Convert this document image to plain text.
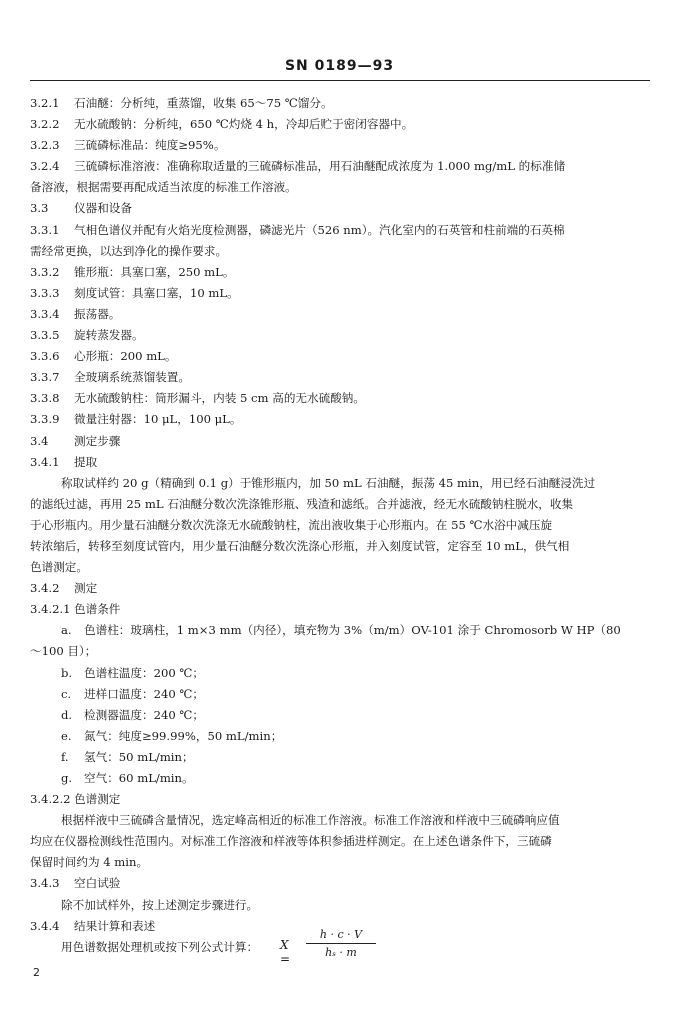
SN 0189—93
3.2.1 石油醚：分析纯，重蒸馏，收集 65～75 ℃馏分。
3.2.2 无水硫酸钠：分析纯，650 ℃灼烧 4 h，冷却后贮于密闭容器中。
3.2.3 三硫磷标准品：纯度≥95%。
3.2.4 三硫磷标准溶液：准确称取适量的三硫磷标准品，用石油醚配成浓度为 1.000 mg/mL 的标准储
备溶液，根据需要再配成适当浓度的标准工作溶液。
3.3 仪器和设备
3.3.1 气相色谱仪并配有火焰光度检测器，磷滤光片（526 nm）。汽化室内的石英管和柱前端的石英棉
需经常更换，以达到净化的操作要求。
3.3.2 锥形瓶：具塞口塞，250 mL。
3.3.3 刻度试管：具塞口塞，10 mL。
3.3.4 振荡器。
3.3.5 旋转蒸发器。
3.3.6 心形瓶：200 mL。
3.3.7 全玻璃系统蒸馏装置。
3.3.8 无水硫酸钠柱：筒形漏斗，内装 5 cm 高的无水硫酸钠。
3.3.9 微量注射器：10 μL，100 μL。
3.4 测定步骤
3.4.1 提取
称取试样约 20 g（精确到 0.1 g）于锥形瓶内，加 50 mL 石油醚，振荡 45 min，用已经石油醚浸洗过
的滤纸过滤，再用 25 mL 石油醚分数次洗涤锥形瓶、残渣和滤纸。合并滤液，经无水硫酸钠柱脱水，收集
于心形瓶内。用少量石油醚分数次洗涤无水硫酸钠柱，流出液收集于心形瓶内。在 55 ℃水浴中减压旋
转浓缩后，转移至刻度试管内，用少量石油醚分数次洗涤心形瓶，并入刻度试管，定容至 10 mL，供气相
色谱测定。
3.4.2 测定
3.4.2.1 色谱条件
a. 色谱柱：玻璃柱，1 m×3 mm（内径），填充物为 3%（m/m）OV-101 涂于 Chromosorb W HP（80
～100 目）；
b. 色谱柱温度：200 ℃；
c. 进样口温度：240 ℃；
d. 检测器温度：240 ℃；
e. 氮气：纯度≥99.99%，50 mL/min；
f. 氢气：50 mL/min；
g. 空气：60 mL/min。
3.4.2.2 色谱测定
根据样液中三硫磷含量情况，选定峰高相近的标准工作溶液。标准工作溶液和样液中三硫磷响应值
均应在仪器检测线性范围内。对标准工作溶液和样液等体积参插进样测定。在上述色谱条件下，三硫磷
保留时间约为 4 min。
3.4.3 空白试验
除不加试样外，按上述测定步骤进行。
3.4.4 结果计算和表述
用色谱数据处理机或按下列公式计算：	X =
h · c · V
hₛ · m
2
